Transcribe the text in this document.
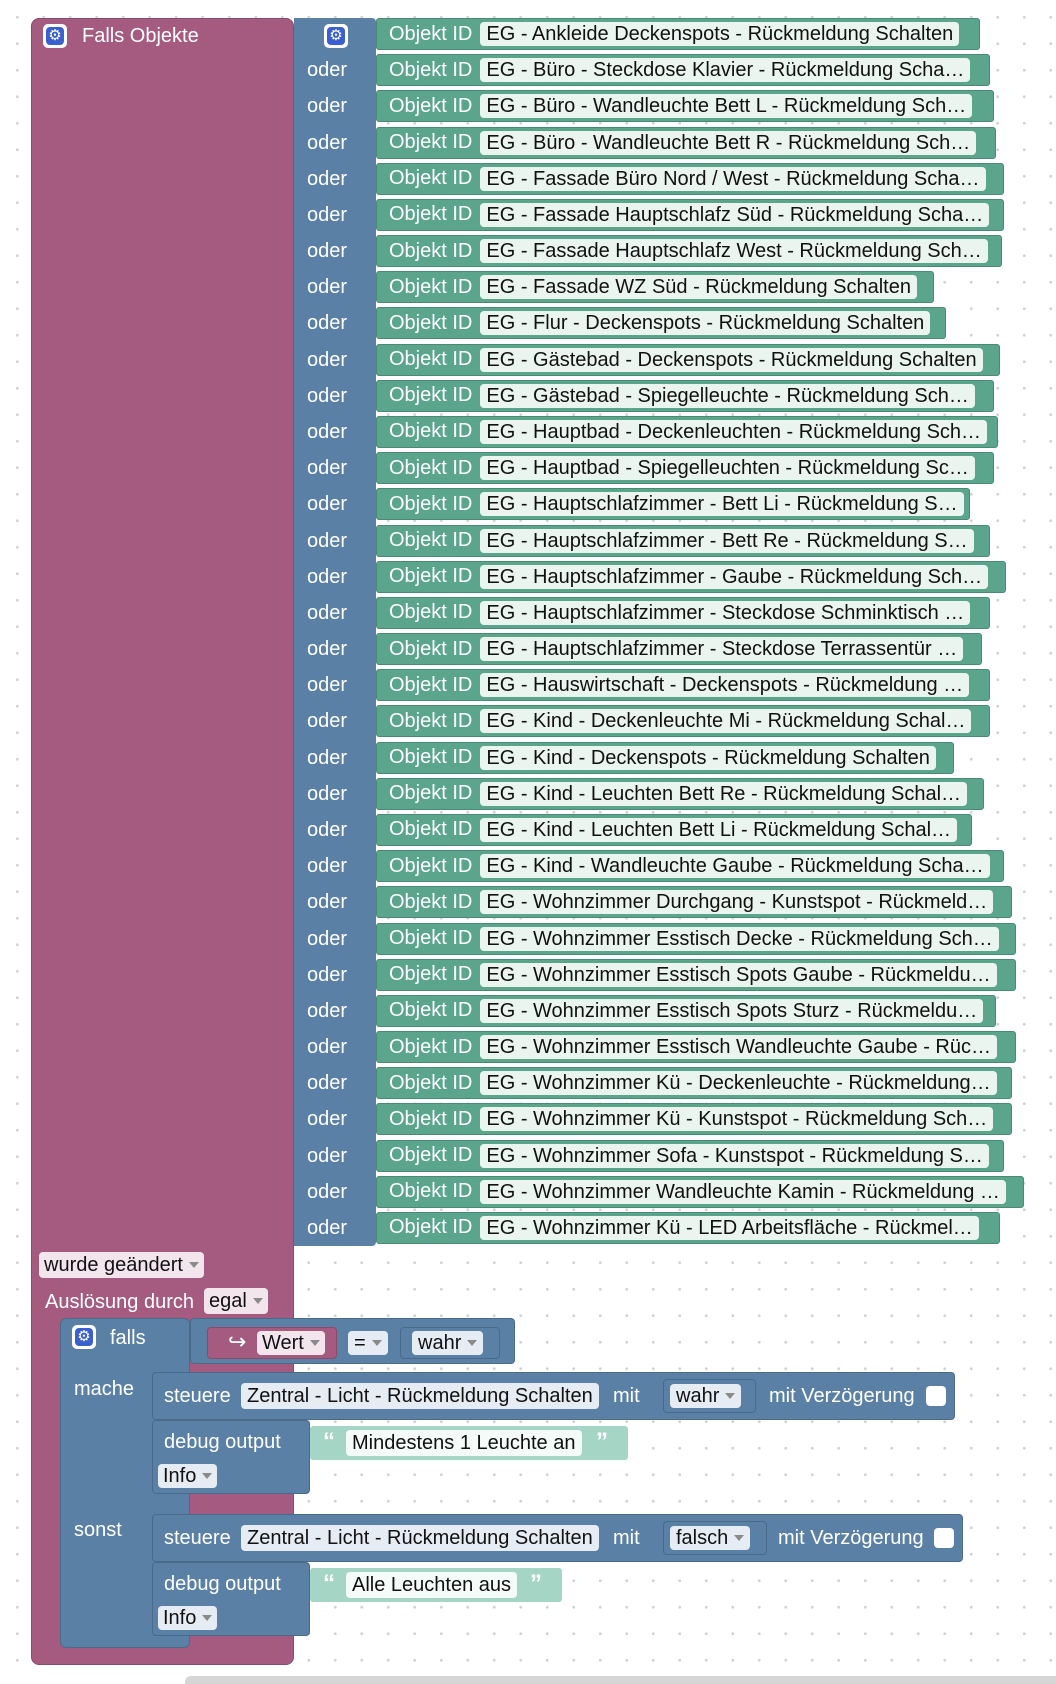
⚙ Falls Objekte	⚙ Objekt ID EG - Ankleide Deckenspots - Rückmeldung Schalten
oder	Objekt ID EG - Büro - Steckdose Klavier - Rückmeldung Scha…
oder	Objekt ID EG - Büro - Wandleuchte Bett L - Rückmeldung Sch…
oder	Objekt ID EG - Büro - Wandleuchte Bett R - Rückmeldung Sch…
oder	Objekt ID EG - Fassade Büro Nord / West - Rückmeldung Scha…
oder	Objekt ID EG - Fassade Hauptschlafz Süd - Rückmeldung Scha…
oder	Objekt ID EG - Fassade Hauptschlafz West - Rückmeldung Sch…
oder	Objekt ID EG - Fassade WZ Süd - Rückmeldung Schalten
oder	Objekt ID EG - Flur - Deckenspots - Rückmeldung Schalten
oder	Objekt ID EG - Gästebad - Deckenspots - Rückmeldung Schalten
oder	Objekt ID EG - Gästebad - Spiegelleuchte - Rückmeldung Sch…
oder	Objekt ID EG - Hauptbad - Deckenleuchten - Rückmeldung Sch…
oder	Objekt ID EG - Hauptbad - Spiegelleuchten - Rückmeldung Sc…
oder	Objekt ID EG - Hauptschlafzimmer - Bett Li - Rückmeldung S…
oder	Objekt ID EG - Hauptschlafzimmer - Bett Re - Rückmeldung S…
oder	Objekt ID EG - Hauptschlafzimmer - Gaube - Rückmeldung Sch…
oder	Objekt ID EG - Hauptschlafzimmer - Steckdose Schminktisch …
oder	Objekt ID EG - Hauptschlafzimmer - Steckdose Terrassentür …
oder	Objekt ID EG - Hauswirtschaft - Deckenspots - Rückmeldung …
oder	Objekt ID EG - Kind - Deckenleuchte Mi - Rückmeldung Schal…
oder	Objekt ID EG - Kind - Deckenspots - Rückmeldung Schalten
oder	Objekt ID EG - Kind - Leuchten Bett Re - Rückmeldung Schal…
oder	Objekt ID EG - Kind - Leuchten Bett Li - Rückmeldung Schal…
oder	Objekt ID EG - Kind - Wandleuchte Gaube - Rückmeldung Scha…
oder	Objekt ID EG - Wohnzimmer Durchgang - Kunstspot - Rückmeld…
oder	Objekt ID EG - Wohnzimmer Esstisch Decke - Rückmeldung Sch…
oder	Objekt ID EG - Wohnzimmer Esstisch Spots Gaube - Rückmeldu…
oder	Objekt ID EG - Wohnzimmer Esstisch Spots Sturz - Rückmeldu…
oder	Objekt ID EG - Wohnzimmer Esstisch Wandleuchte Gaube - Rüc…
oder	Objekt ID EG - Wohnzimmer Kü - Deckenleuchte - Rückmeldung…
oder	Objekt ID EG - Wohnzimmer Kü - Kunstspot - Rückmeldung Sch…
oder	Objekt ID EG - Wohnzimmer Sofa - Kunstspot - Rückmeldung S…
oder	Objekt ID EG - Wohnzimmer Wandleuchte Kamin - Rückmeldung …
oder	Objekt ID EG - Wohnzimmer Kü - LED Arbeitsfläche - Rückmel…
wurde geändert
Auslösung durch egal
⚙ falls	↪ Wert	=	wahr
mache
sonst
steuere Zentral - Licht - Rückmeldung Schalten	mit wahr mit Verzögerung
debug output
Info
“ Mindestens 1 Leuchte an ”
steuere Zentral - Licht - Rückmeldung Schalten	mit falsch mit Verzögerung
debug output
Info
“ Alle Leuchten aus ”
